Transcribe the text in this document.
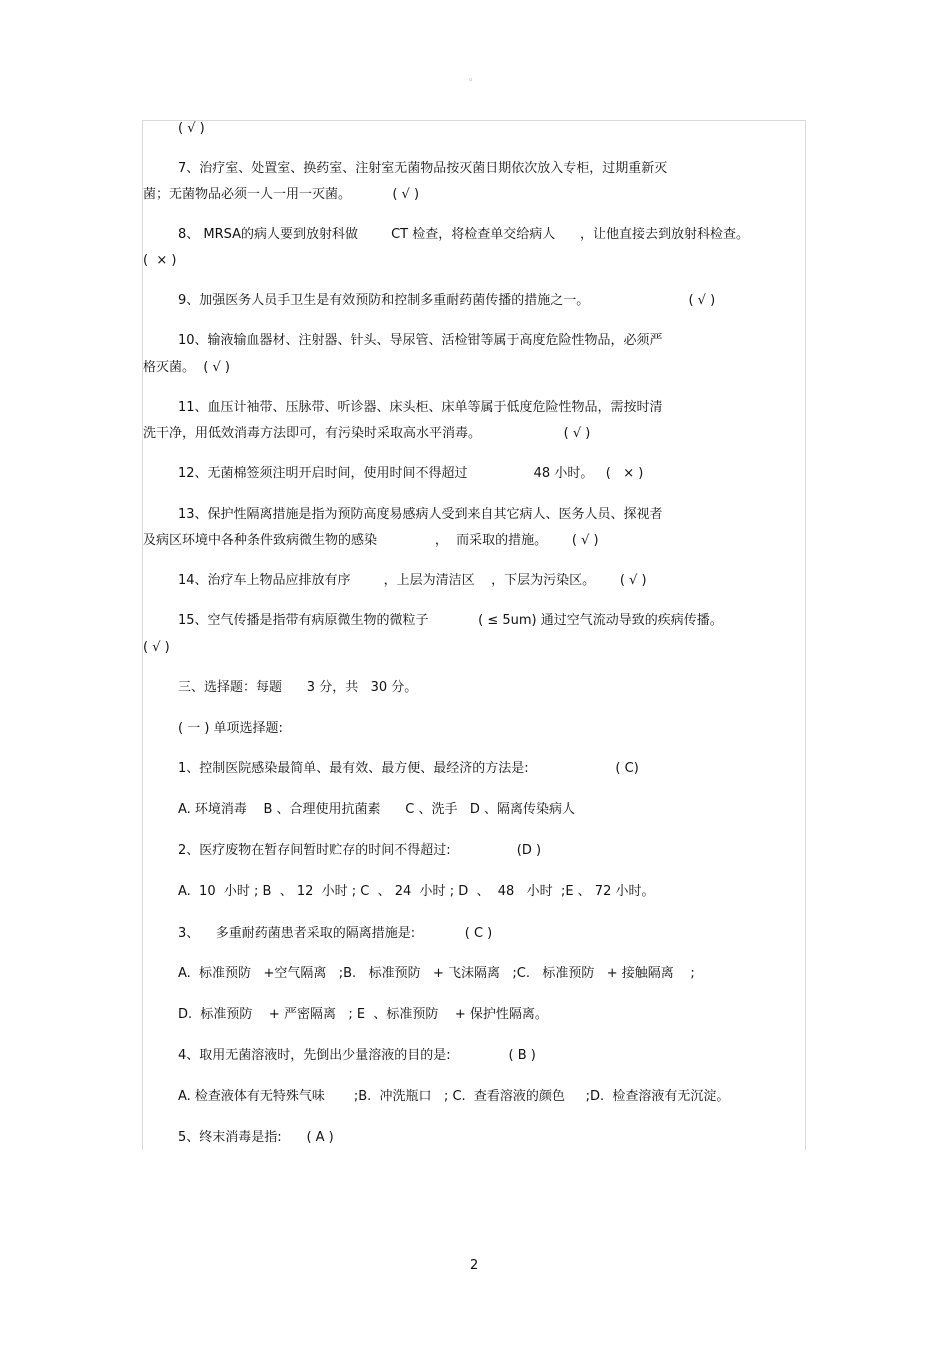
。
( √ )
7、治疗室、处置室、换药室、注射室无菌物品按灭菌日期依次放入专柜，过期重新灭
菌；无菌物品必须一人一用一灭菌。          ( √ )
8、 MRSA的病人要到放射科做        CT 检查，将检查单交给病人      ，让他直接去到放射科检查。
(  × )
9、加强医务人员手卫生是有效预防和控制多重耐药菌传播的措施之一。                        ( √ )
10、输液输血器材、注射器、针头、导尿管、活检钳等属于高度危险性物品，必须严
格灭菌。  ( √ )
11、血压计袖带、压脉带、听诊器、床头柜、床单等属于低度危险性物品，需按时清
洗干净，用低效消毒方法即可，有污染时采取高水平消毒。                    ( √ )
12、无菌棉签须注明开启时间，使用时间不得超过                48 小时。   (   × )
13、保护性隔离措施是指为预防高度易感病人受到来自其它病人、医务人员、探视者
及病区环境中各种条件致病微生物的感染              ，  而采取的措施。      ( √ )
14、治疗车上物品应排放有序        ，上层为清洁区    ，下层为污染区。      ( √ )
15、空气传播是指带有病原微生物的微粒子            ( ≤ 5um) 通过空气流动导致的疾病传播。
( √ )
三、选择题：每题      3 分，共   30 分。
( 一 ) 单项选择题:
1、控制医院感染最简单、最有效、最方便、最经济的方法是:                     ( C)
A. 环境消毒    B 、合理使用抗菌素      C 、洗手   D 、隔离传染病人
2、医疗废物在暂存间暂时贮存的时间不得超过:                (D )
A.  10  小时 ; B  、 12  小时 ; C  、 24  小时 ; D  、  48   小时  ;E 、 72 小时。
3、    多重耐药菌患者采取的隔离措施是:            ( C )
A.  标准预防   +空气隔离   ;B.   标准预防   + 飞沫隔离   ;C.   标准预防   + 接触隔离    ;
D.  标准预防    + 严密隔离   ; E  、标准预防    + 保护性隔离。
4、取用无菌溶液时，先倒出少量溶液的目的是:              ( B )
A. 检查液体有无特殊气味       ;B.  冲洗瓶口   ; C.  查看溶液的颜色     ;D.  检查溶液有无沉淀。
5、终末消毒是指:      ( A )
2
